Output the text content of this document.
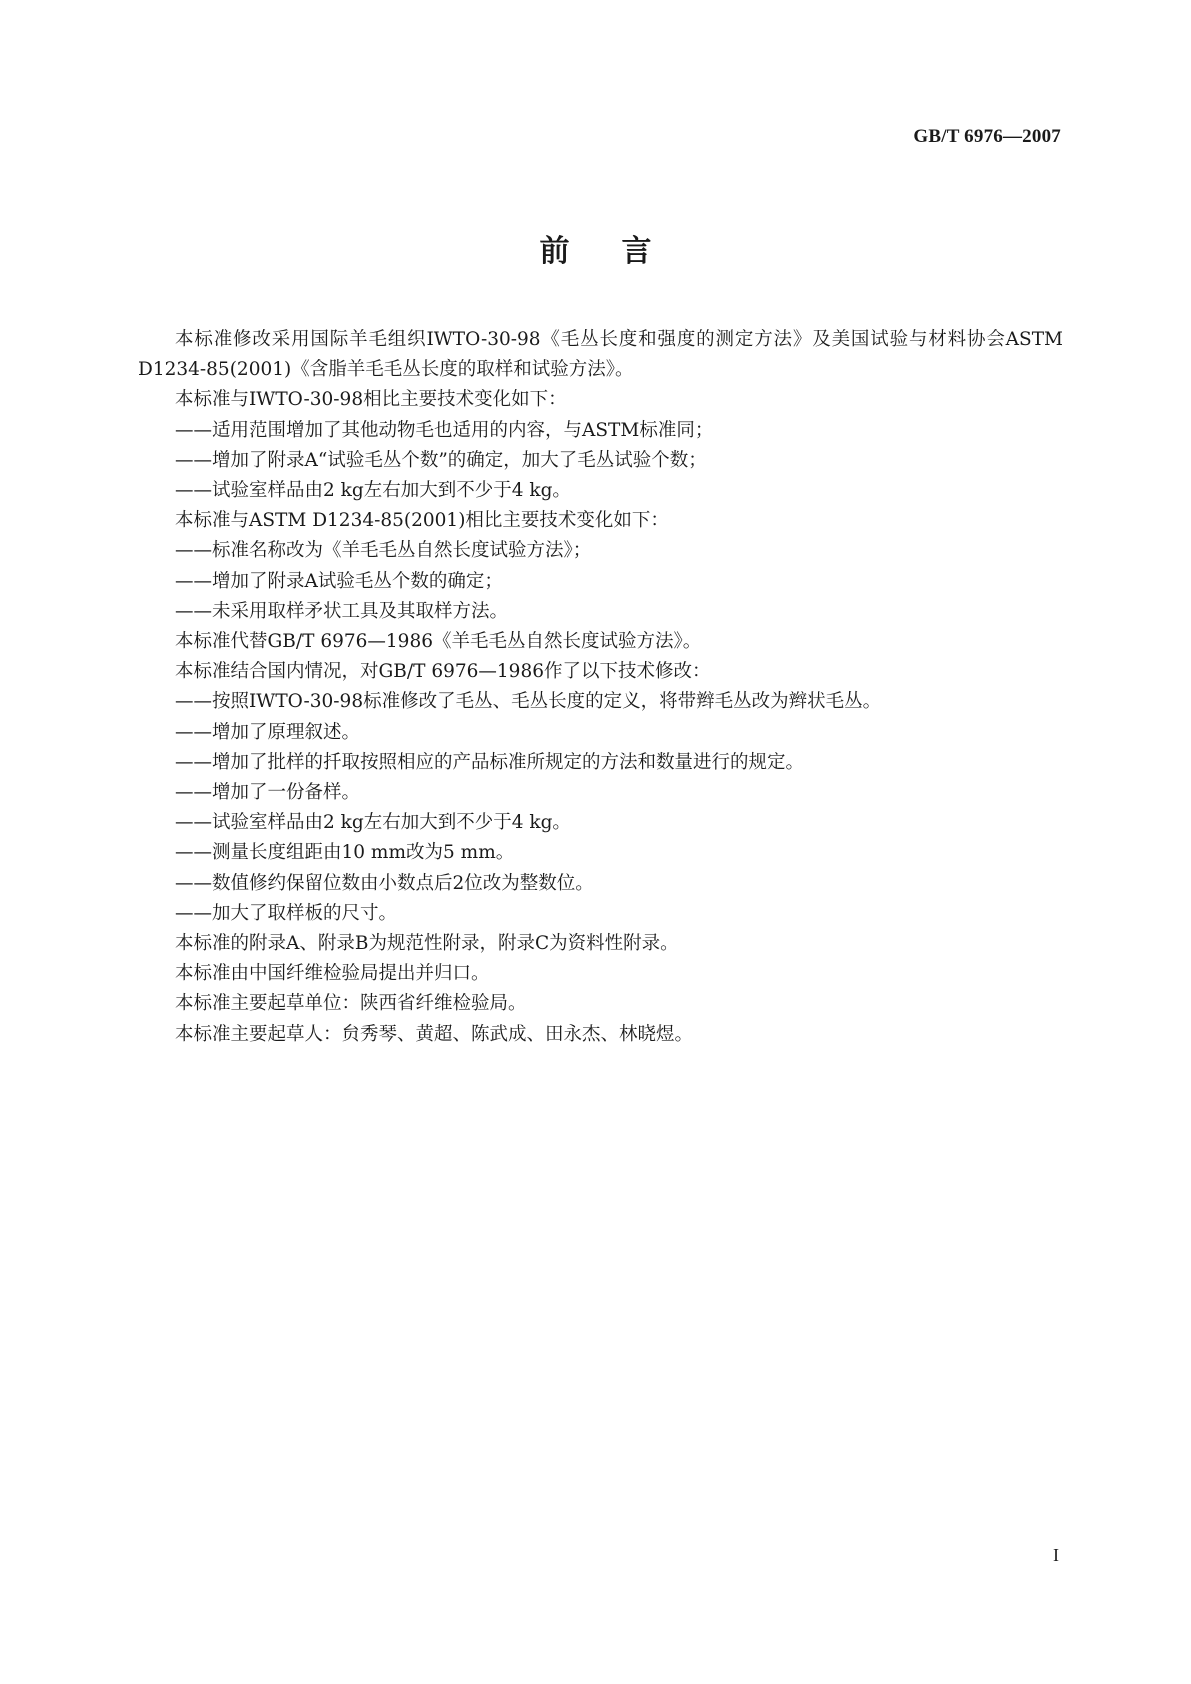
GB/T 6976—2007
前言

本标准修改采用国际羊毛组织IWTO-30-98《毛丛长度和强度的测定方法》及美国试验与材料协会ASTM D1234-85(2001)《含脂羊毛毛丛长度的取样和试验方法》。

本标准与IWTO-30-98相比主要技术变化如下：

——适用范围增加了其他动物毛也适用的内容，与ASTM标准同；

——增加了附录A“试验毛丛个数”的确定，加大了毛丛试验个数；

——试验室样品由2 kg左右加大到不少于4 kg。

本标准与ASTM D1234-85(2001)相比主要技术变化如下：

——标准名称改为《羊毛毛丛自然长度试验方法》；

——增加了附录A试验毛丛个数的确定；

——未采用取样矛状工具及其取样方法。

本标准代替GB/T 6976—1986《羊毛毛丛自然长度试验方法》。

本标准结合国内情况，对GB/T 6976—1986作了以下技术修改：

——按照IWTO-30-98标准修改了毛丛、毛丛长度的定义，将带辫毛丛改为辫状毛丛。

——增加了原理叙述。

——增加了批样的扦取按照相应的产品标准所规定的方法和数量进行的规定。

——增加了一份备样。

——试验室样品由2 kg左右加大到不少于4 kg。

——测量长度组距由10 mm改为5 mm。

——数值修约保留位数由小数点后2位改为整数位。

——加大了取样板的尺寸。

本标准的附录A、附录B为规范性附录，附录C为资料性附录。

本标准由中国纤维检验局提出并归口。

本标准主要起草单位：陕西省纤维检验局。

本标准主要起草人：贠秀琴、黄超、陈武成、田永杰、林晓煜。

I
